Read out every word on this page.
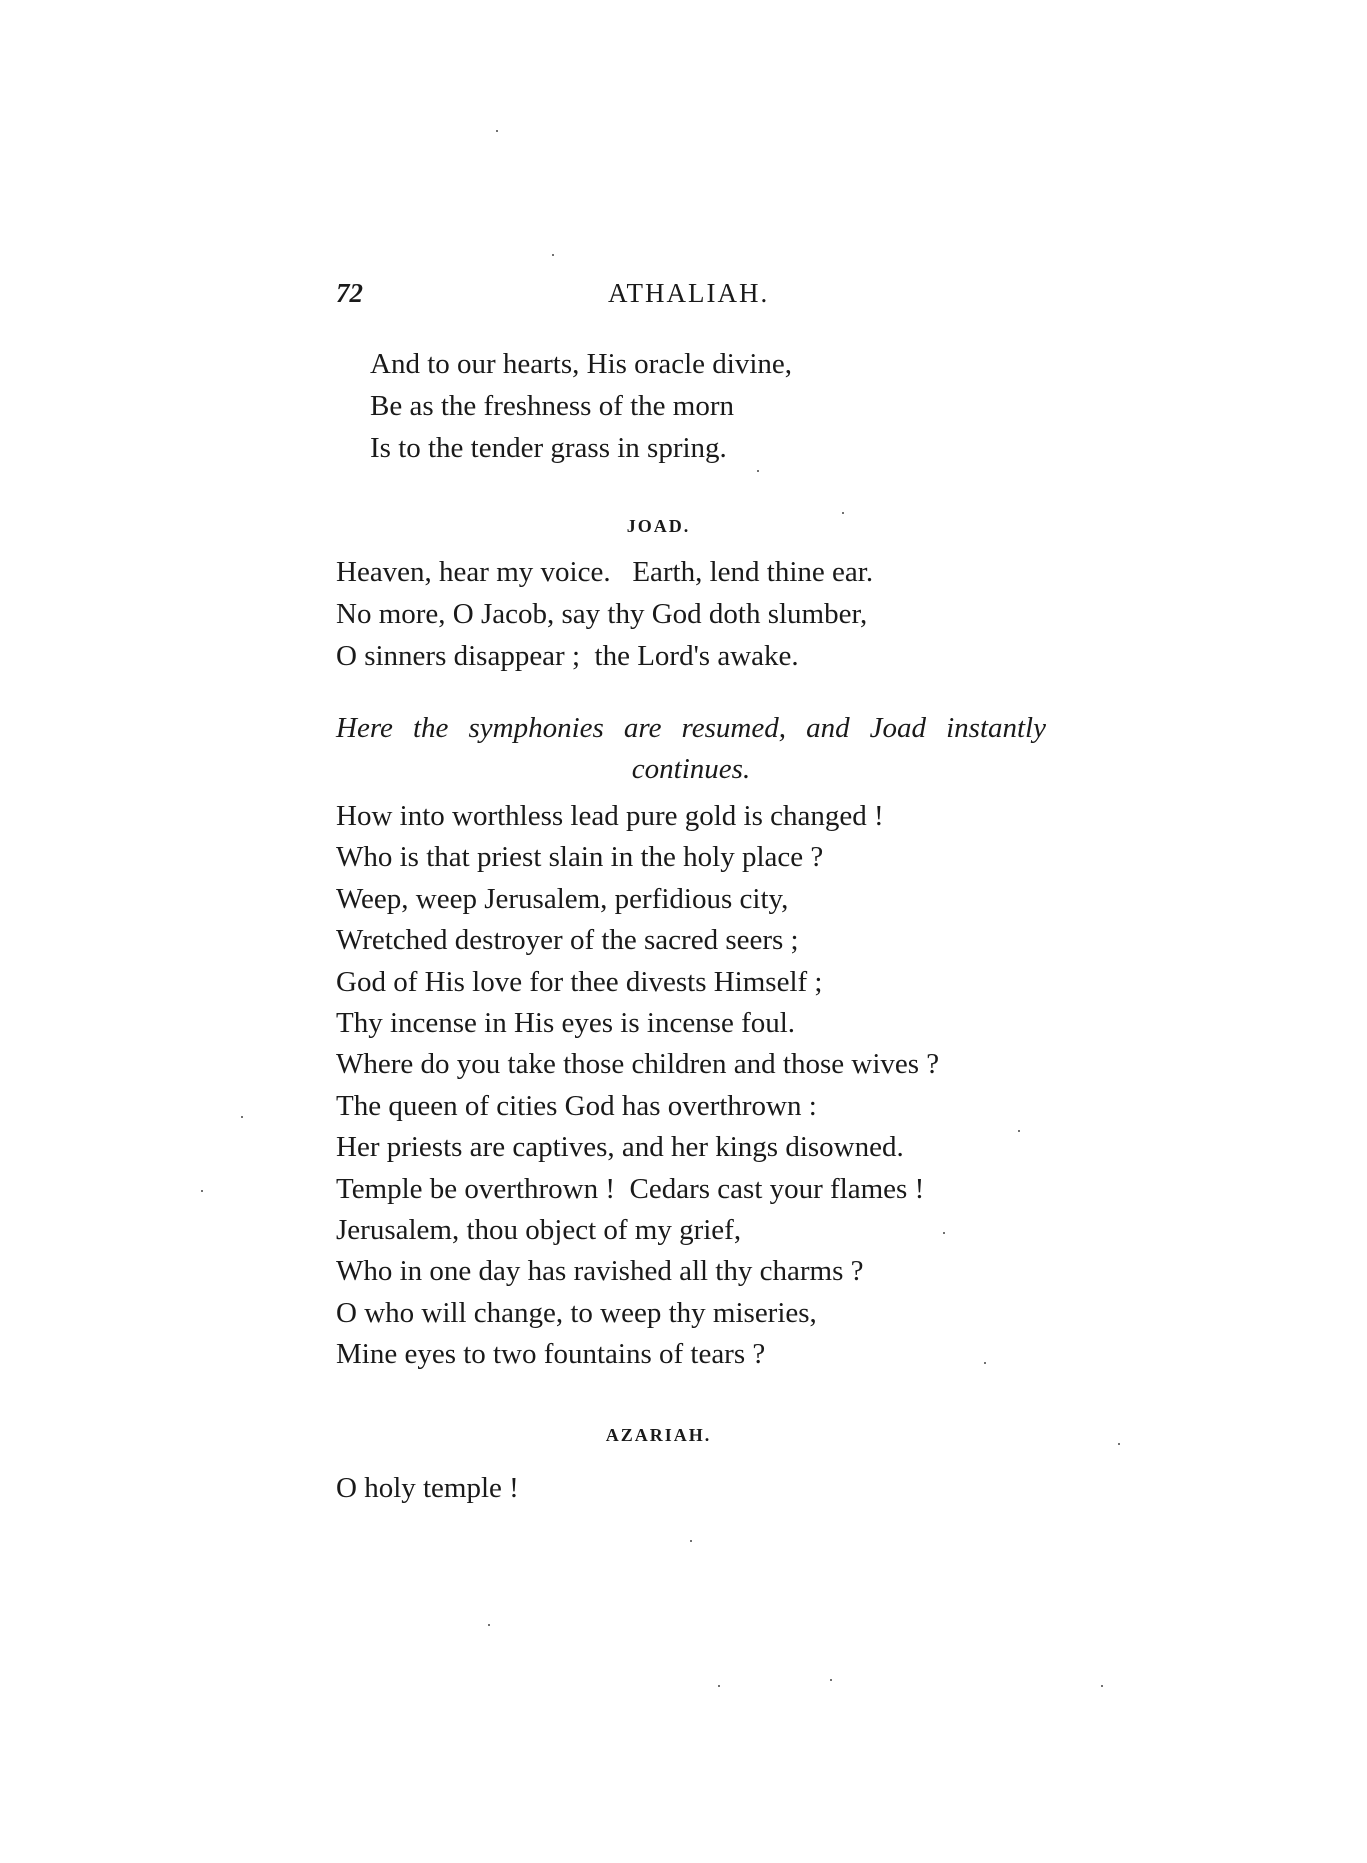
72	ATHALIAH.
And to our hearts, His oracle divine,
Be as the freshness of the morn
Is to the tender grass in spring.
JOAD.
Heaven, hear my voice.   Earth, lend thine ear.
No more, O Jacob, say thy God doth slumber,
O sinners disappear ;  the Lord's awake.
Here the symphonies are resumed, and Joad instantly
continues.
How into worthless lead pure gold is changed !
Who is that priest slain in the holy place ?
Weep, weep Jerusalem, perfidious city,
Wretched destroyer of the sacred seers ;
God of His love for thee divests Himself ;
Thy incense in His eyes is incense foul.
Where do you take those children and those wives ?
The queen of cities God has overthrown :
Her priests are captives, and her kings disowned.
Temple be overthrown !  Cedars cast your flames !
Jerusalem, thou object of my grief,
Who in one day has ravished all thy charms ?
O who will change, to weep thy miseries,
Mine eyes to two fountains of tears ?
AZARIAH.
O holy temple !
